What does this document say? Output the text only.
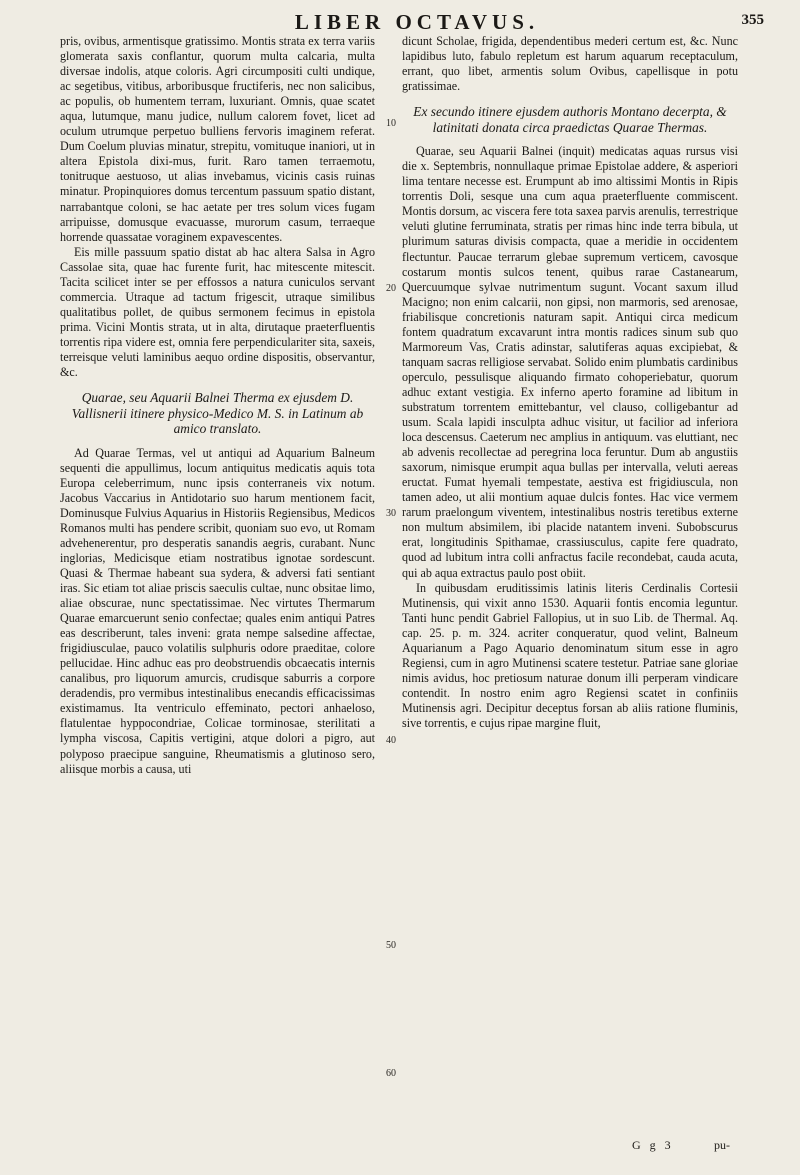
LIBER OCTAVUS.	355

pris, ovibus, armentisque gratissimo. Montis strata ex terra variis glomerata saxis conflantur, quorum multa calcaria, multa diversae indolis, atque coloris. Agri circumpositi culti undique, ac segetibus, vitibus, arboribusque fructiferis, nec non salicibus, ac populis, ob humentem terram, luxuriant. Omnis, quae scatet aqua, lutumque, manu judice, nullum calorem fovet, licet ad oculum utrumque perpetuo bulliens fervoris imaginem referat. Dum Coelum pluvias minatur, strepitu, vomituque inaniori, ut in altera Epistola dixi-mus, furit. Raro tamen terraemotu, tonitruque aestuoso, ut alias invebamus, vicinis casis ruinas minatur. Propinquiores domus tercentum passuum spatio distant, narrabantque coloni, se hac aetate per tres solum vices fugam arripuisse, domusque evacuasse, murorum casum, terraeque horrende quassatae voraginem expavescentes.

Eis mille passuum spatio distat ab hac altera Salsa in Agro Cassolae sita, quae hac furente furit, hac mitescente mitescit. Tacita scilicet inter se per effossos a natura cuniculos servant commercia. Utraque ad tactum frigescit, utraque similibus qualitatibus pollet, de quibus sermonem fecimus in epistola prima. Vicini Montis strata, ut in alta, dirutaque praeterfluentis torrentis ripa videre est, omnia fere perpendiculariter sita, saxeis, terreisque veluti laminibus aequo ordine dispositis, observantur, &c.

Quarae, seu Aquarii Balnei Therma ex ejusdem D. Vallisnerii itinere physico-Medico M. S. in Latinum ab amico translato.

Ad Quarae Termas, vel ut antiqui ad Aquarium Balneum sequenti die appullimus, locum antiquitus medicatis aquis tota Europa celeberrimum, nunc ipsis conterraneis vix notum. Jacobus Vaccarius in Antidotario suo harum mentionem facit, Dominusque Fulvius Aquarius in Historiis Regiensibus, Medicos Romanos multi has pendere scribit, quoniam suo evo, ut Romam advehenerentur, pro desperatis sanandis aegris, curabant. Nunc inglorias, Medicisque etiam nostratibus ignotae sordescunt. Quasi & Thermae habeant sua sydera, & adversi fati sentiant iras. Sic etiam tot aliae priscis saeculis cultae, nunc obsitae limo, aliae obscurae, nunc spectatissimae. Nec virtutes Thermarum Quarae emarcuerunt senio confectae; quales enim antiqui Patres eas describerunt, tales inveni: grata nempe salsedine affectae, frigidiusculae, pauco volatilis sulphuris odore praeditae, colore pellucidae. Hinc adhuc eas pro deobstruendis obcaecatis internis canalibus, pro liquorum amurcis, crudisque saburris a corpore deradendis, pro vermibus intestinalibus enecandis efficacissimas existimamus. Ita ventriculo effeminato, pectori anhaelosо, flatulentae hyppocondriae, Colicae torminosae, sterilitati a lympha viscosa, Capitis vertigini, atque dolori a pigro, aut polyposo praecipue sanguine, Rheumatismis a glutinoso sero, aliisque morbis a causa, uti

dicunt Scholae, frigida, dependentibus mederi certum est, &c. Nunc lapidibus luto, fabulo repletum est harum aquarum receptaculum, errant, quo libet, armentis solum Ovibus, capellisque in potu gratissimae.

Ex secundo itinere ejusdem authoris Montano decerpta, & latinitati donata circa praedictas Quarae Thermas.

Quarae, seu Aquarii Balnei (inquit) medicatas aquas rursus visi die x. Septembris, nonnullaque primae Epistolae addere, & asperiori lima tentare necesse est. Erumpunt ab imo altissimi Montis in Ripis torrentis Doli, sesque una cum aqua praeterfluente commiscent. Montis dorsum, ac viscera fere tota saxea parvis arenulis, terrestrique veluti glutine ferruminata, stratis per rimas hinc inde terra bibula, ut plurimum saturas divisis compacta, quae a meridie in occidentem flectuntur. Paucae terrarum glebae supremum verticem, cavosque costarum montis sulcos tenent, quibus rarae Castanearum, Quercuumque sylvae nutrimentum sugunt. Vocant saxum illud Macigno; non enim calcarii, non gipsi, non marmoris, sed arenosae, friabilisque concretionis naturam sapit. Antiqui circa medicum fontem quadratum excavarunt intra montis radices sinum sub quo Marmoreum Vas, Cratis adinstar, salutiferas aquas excipiebat, & tanquam sacras relligiose servabat. Solido enim plumbatis cardinibus operculo, pessulisque aliquando firmato cohoperiebatur, quorum adhuc extant vestigia. Ex inferno aperto foramine ad libitum in substratum torrentem emittebantur, vel clauso, colligebantur ad usum. Scala lapidi insculpta adhuc visitur, ut facilior ad inferiora loca descensus. Caeterum nec amplius in antiquum. vas eluttiant, nec ab advenis recollectae ad peregrina loca feruntur. Dum ab angustiis saxorum, nimisque erumpit aqua bullas per intervalla, veluti aereas eructat. Fumat hyemali tempestate, aestiva est frigidiuscula, non tamen adeo, ut alii montium aquae dulcis fontes. Hac vice vermem rarum praelongum viventem, intestinalibus nostris teretibus externe non multum absimilem, ibi placide natantem inveni. Subobscurus erat, longitudinis Spithamae, crassiusculus, capite fere quadrato, quod ad lubitum intra colli anfractus facile recondebat, cauda acuta, qui ab aqua extractus paulo post obiit.

In quibusdam eruditissimis latinis literis Cerdinalis Cortesii Mutinensis, qui vixit anno 1530. Aquarii fontis encomia leguntur. Tanti hunc pendit Gabriel Fallopius, ut in suo Lib. de Thermal. Aq. cap. 25. p. m. 324. acriter conqueratur, quod velint, Balneum Aquarianum a Pago Aquario denominatum situm esse in agro Regiensi, cum in agro Mutinensi scatere testetur. Patriae sane gloriae nimis avidus, hoc pretiosum naturae donum illi perperam vindicare contendit. In nostro enim agro Regiensi scatet in confiniis Mutinensis agri. Decipitur deceptus forsan ab aliis ratione fluminis, sive torrentis, e cujus ripae margine fluit,

10
20
30
40
50
60
G g 3	pu-
